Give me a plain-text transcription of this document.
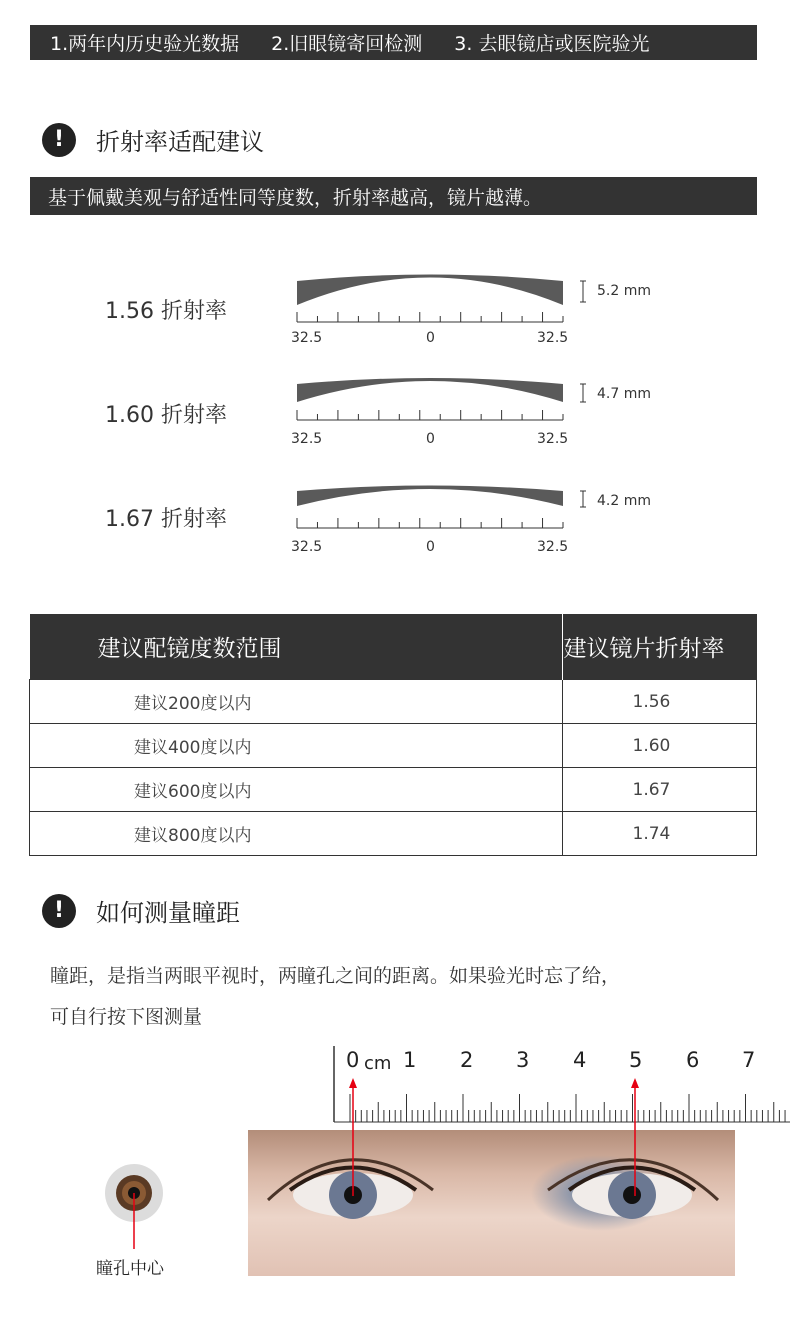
1.两年内历史验光数据 2.旧眼镜寄回检测 3. 去眼镜店或医院验光
!	折射率适配建议
基于佩戴美观与舒适性同等度数，折射率越高，镜片越薄。
1.56 折射率
1.60 折射率
1.67 折射率
5.2 mm
4.7 mm
4.2 mm
32.5	0	32.5
32.5	0	32.5
32.5	0	32.5
建议配镜度数范围	建议镜片折射率
建议200度以内	1.56
建议400度以内	1.60
建议600度以内	1.67
建议800度以内	1.74
!	如何测量瞳距
瞳距，是指当两眼平视时，两瞳孔之间的距离。如果验光时忘了给，
可自行按下图测量
0 cm 1 2 3 4 5 6 7
瞳孔中心
